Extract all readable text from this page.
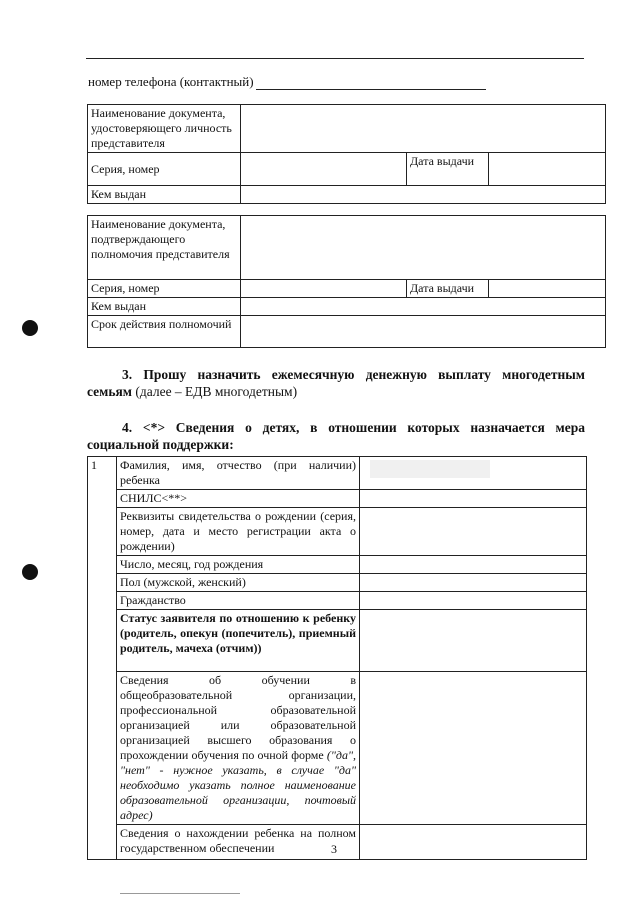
номер телефона (контактный)
Наименование документа, удостоверяющего личность представителя			
Серия, номер		Дата выдачи	
Кем выдан			
Наименование документа, подтверждающего полномочия представителя			
Серия, номер		Дата выдачи	
Кем выдан			
Срок действия полномочий			
3. Прошу назначить ежемесячную денежную выплату многодетным семьям (далее – ЕДВ многодетным)
4. <*> Сведения о детях, в отношении которых назначается мера социальной поддержки:
1	Фамилия, имя, отчество (при наличии) ребенка	
	СНИЛС<**>	
	Реквизиты свидетельства о рождении (серия, номер, дата и место регистрации акта о рождении)	
	Число, месяц, год рождения	
	Пол (мужской, женский)	
	Гражданство	
	Статус заявителя по отношению к ребенку (родитель, опекун (попечитель), приемный родитель, мачеха (отчим))	
	Сведения об обучении в общеобразовательной организации, профессиональной образовательной организацией или образовательной организацией высшего образования о прохождении обучения по очной форме ("да", "нет" - нужное указать, в случае "да" необходимо указать полное наименование образовательной организации, почтовый адрес)	
	Сведения о нахождении ребенка на полном государственном обеспечении		3
